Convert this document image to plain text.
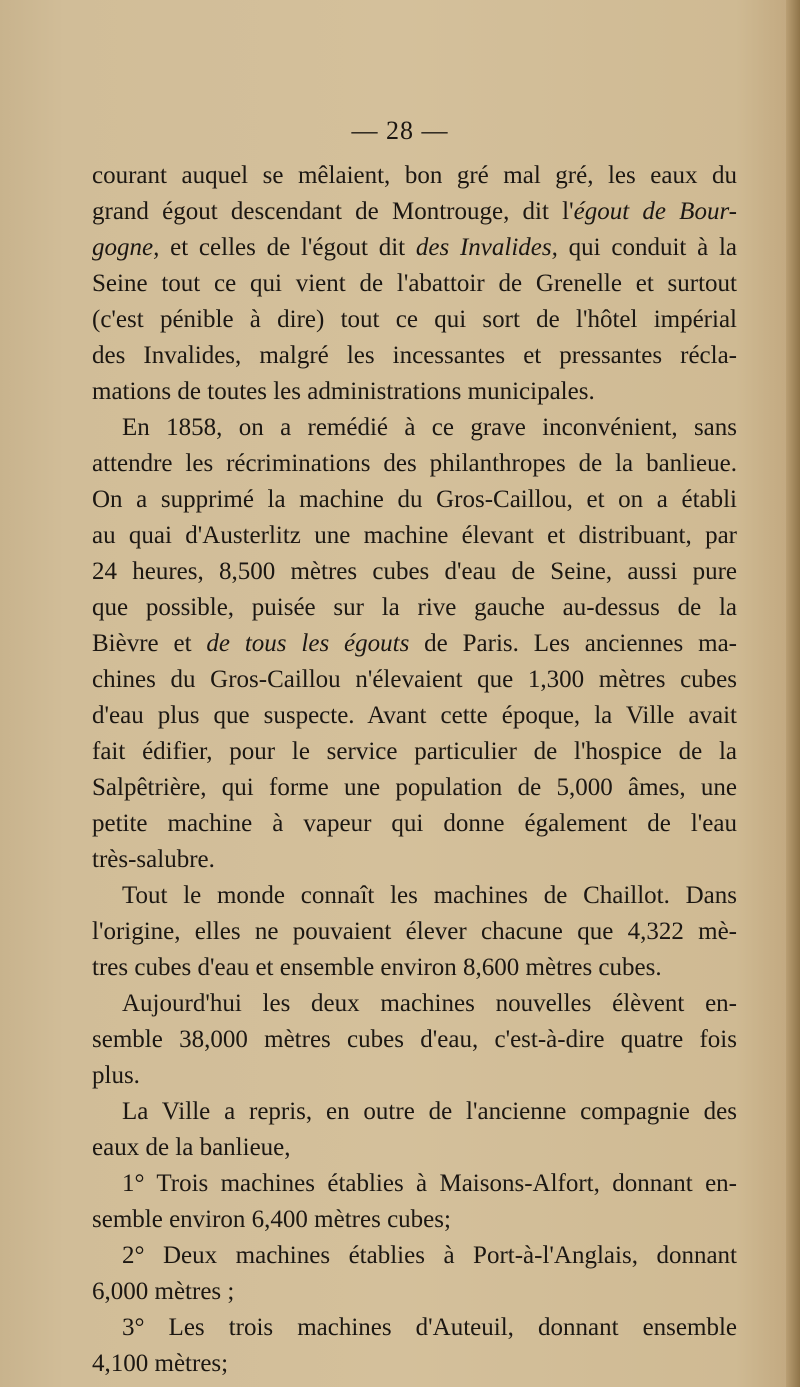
— 28 —
courant auquel se mêlaient, bon gré mal gré, les eaux du
grand égout descendant de Montrouge, dit l'égout de Bour-
gogne, et celles de l'égout dit des Invalides, qui conduit à la
Seine tout ce qui vient de l'abattoir de Grenelle et surtout
(c'est pénible à dire) tout ce qui sort de l'hôtel impérial
des Invalides, malgré les incessantes et pressantes récla-
mations de toutes les administrations municipales.
En 1858, on a remédié à ce grave inconvénient, sans
attendre les récriminations des philanthropes de la banlieue.
On a supprimé la machine du Gros-Caillou, et on a établi
au quai d'Austerlitz une machine élevant et distribuant, par
24 heures, 8,500 mètres cubes d'eau de Seine, aussi pure
que possible, puisée sur la rive gauche au-dessus de la
Bièvre et de tous les égouts de Paris. Les anciennes ma-
chines du Gros-Caillou n'élevaient que 1,300 mètres cubes
d'eau plus que suspecte. Avant cette époque, la Ville avait
fait édifier, pour le service particulier de l'hospice de la
Salpêtrière, qui forme une population de 5,000 âmes, une
petite machine à vapeur qui donne également de l'eau
très-salubre.
Tout le monde connaît les machines de Chaillot. Dans
l'origine, elles ne pouvaient élever chacune que 4,322 mè-
tres cubes d'eau et ensemble environ 8,600 mètres cubes.
Aujourd'hui les deux machines nouvelles élèvent en-
semble 38,000 mètres cubes d'eau, c'est-à-dire quatre fois
plus.
La Ville a repris, en outre de l'ancienne compagnie des
eaux de la banlieue,
1° Trois machines établies à Maisons-Alfort, donnant en-
semble environ 6,400 mètres cubes;
2° Deux machines établies à Port-à-l'Anglais, donnant
6,000 mètres ;
3° Les trois machines d'Auteuil, donnant ensemble
4,100 mètres;
